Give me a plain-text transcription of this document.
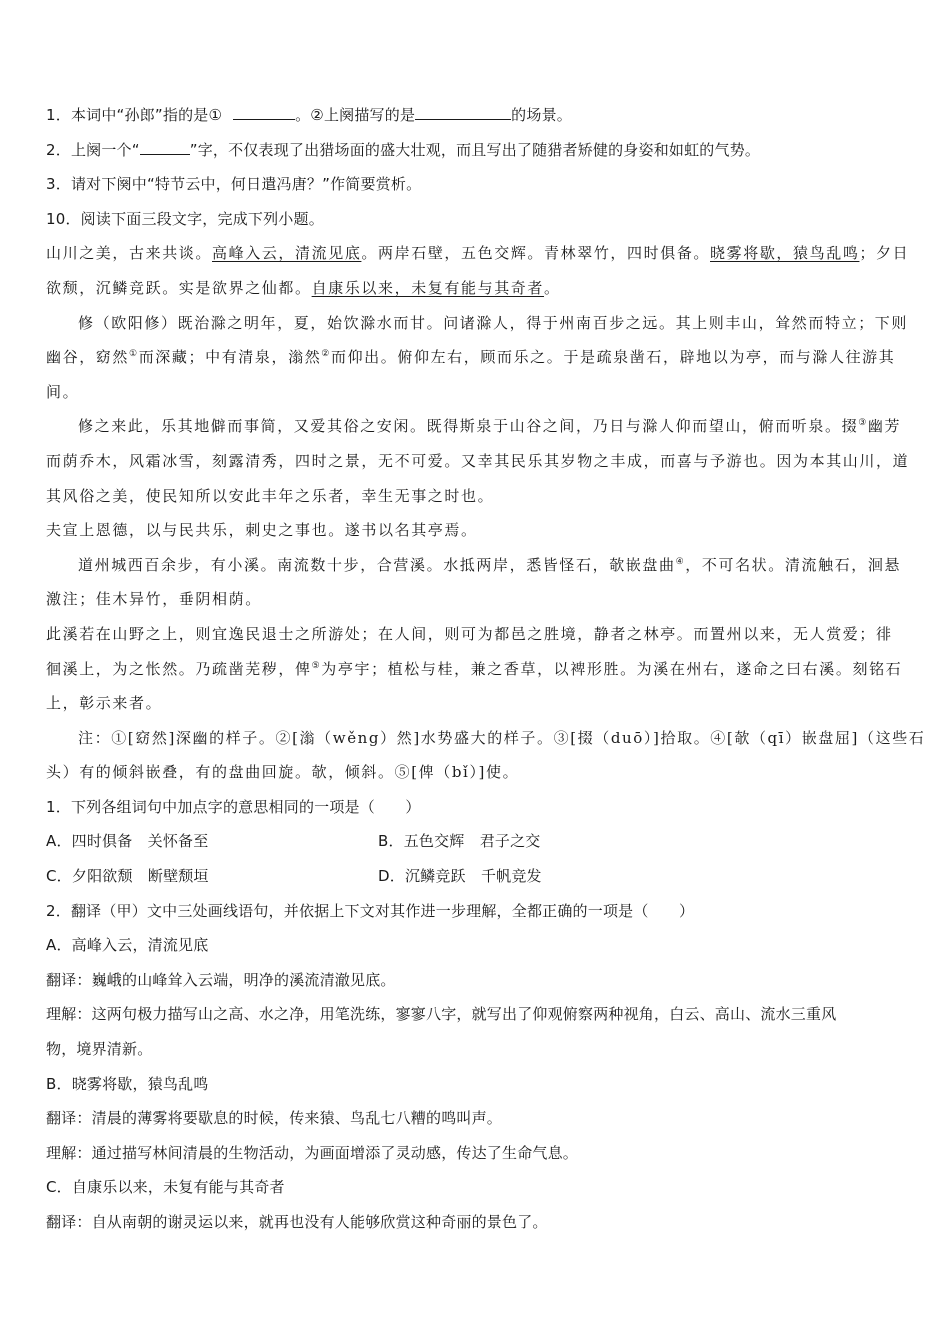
1．本词中“孙郎”指的是①	。②上阕描写的是	的场景。
2．上阕一个“	”字，不仅表现了出猎场面的盛大壮观，而且写出了随猎者矫健的身姿和如虹的气势。
3．请对下阕中“特节云中，何日遣冯唐？”作简要赏析。
10．阅读下面三段文字，完成下列小题。
山川之美，古来共谈。高峰入云，清流见底。两岸石壁，五色交辉。青林翠竹，四时俱备。晓雾将歇，猿鸟乱鸣；夕日
欲颓，沉鳞竞跃。实是欲界之仙都。自康乐以来，未复有能与其奇者。
修（欧阳修）既治滁之明年，夏，始饮滁水而甘。问诸滁人，得于州南百步之远。其上则丰山，耸然而特立；下则
幽谷，窈然①而深藏；中有清泉，滃然②而仰出。俯仰左右，顾而乐之。于是疏泉凿石，辟地以为亭，而与滁人往游其
间。
修之来此，乐其地僻而事简，又爱其俗之安闲。既得斯泉于山谷之间，乃日与滁人仰而望山，俯而听泉。掇③幽芳
而荫乔木，风霜冰雪，刻露清秀，四时之景，无不可爱。又幸其民乐其岁物之丰成，而喜与予游也。因为本其山川，道
其风俗之美，使民知所以安此丰年之乐者，幸生无事之时也。
夫宣上恩德，以与民共乐，刺史之事也。遂书以名其亭焉。
道州城西百余步，有小溪。南流数十步，合营溪。水抵两岸，悉皆怪石，欹嵌盘曲④，不可名状。清流触石，洄悬
激注；佳木异竹，垂阴相荫。
此溪若在山野之上，则宜逸民退士之所游处；在人间，则可为都邑之胜境，静者之林亭。而置州以来，无人赏爱；徘
徊溪上，为之怅然。乃疏凿芜秽，俾⑤为亭宇；植松与桂，兼之香草，以裨形胜。为溪在州右，遂命之曰右溪。刻铭石
上，彰示来者。
注：①[窈然]深幽的样子。②[滃（wěng）然]水势盛大的样子。③[掇（duō）]拾取。④[欹（qī）嵌盘屈]（这些石
头）有的倾斜嵌叠，有的盘曲回旋。欹，倾斜。⑤[俾（bǐ）]使。
1．下列各组词句中加点字的意思相同的一项是（　　）
A．四时俱备　关怀备至	B．五色交辉　君子之交
C．夕阳欲颓　断壁颓垣	D．沉鳞竞跃　千帆竞发
2．翻译（甲）文中三处画线语句，并依据上下文对其作进一步理解，全都正确的一项是（　　）
A．高峰入云，清流见底
翻译：巍峨的山峰耸入云端，明净的溪流清澈见底。
理解：这两句极力描写山之高、水之净，用笔洗练，寥寥八字，就写出了仰观俯察两种视角，白云、高山、流水三重风
物，境界清新。
B．晓雾将歇，猿鸟乱鸣
翻译：清晨的薄雾将要歇息的时候，传来猿、鸟乱七八糟的鸣叫声。
理解：通过描写林间清晨的生物活动，为画面增添了灵动感，传达了生命气息。
C．自康乐以来，未复有能与其奇者
翻译：自从南朝的谢灵运以来，就再也没有人能够欣赏这种奇丽的景色了。
